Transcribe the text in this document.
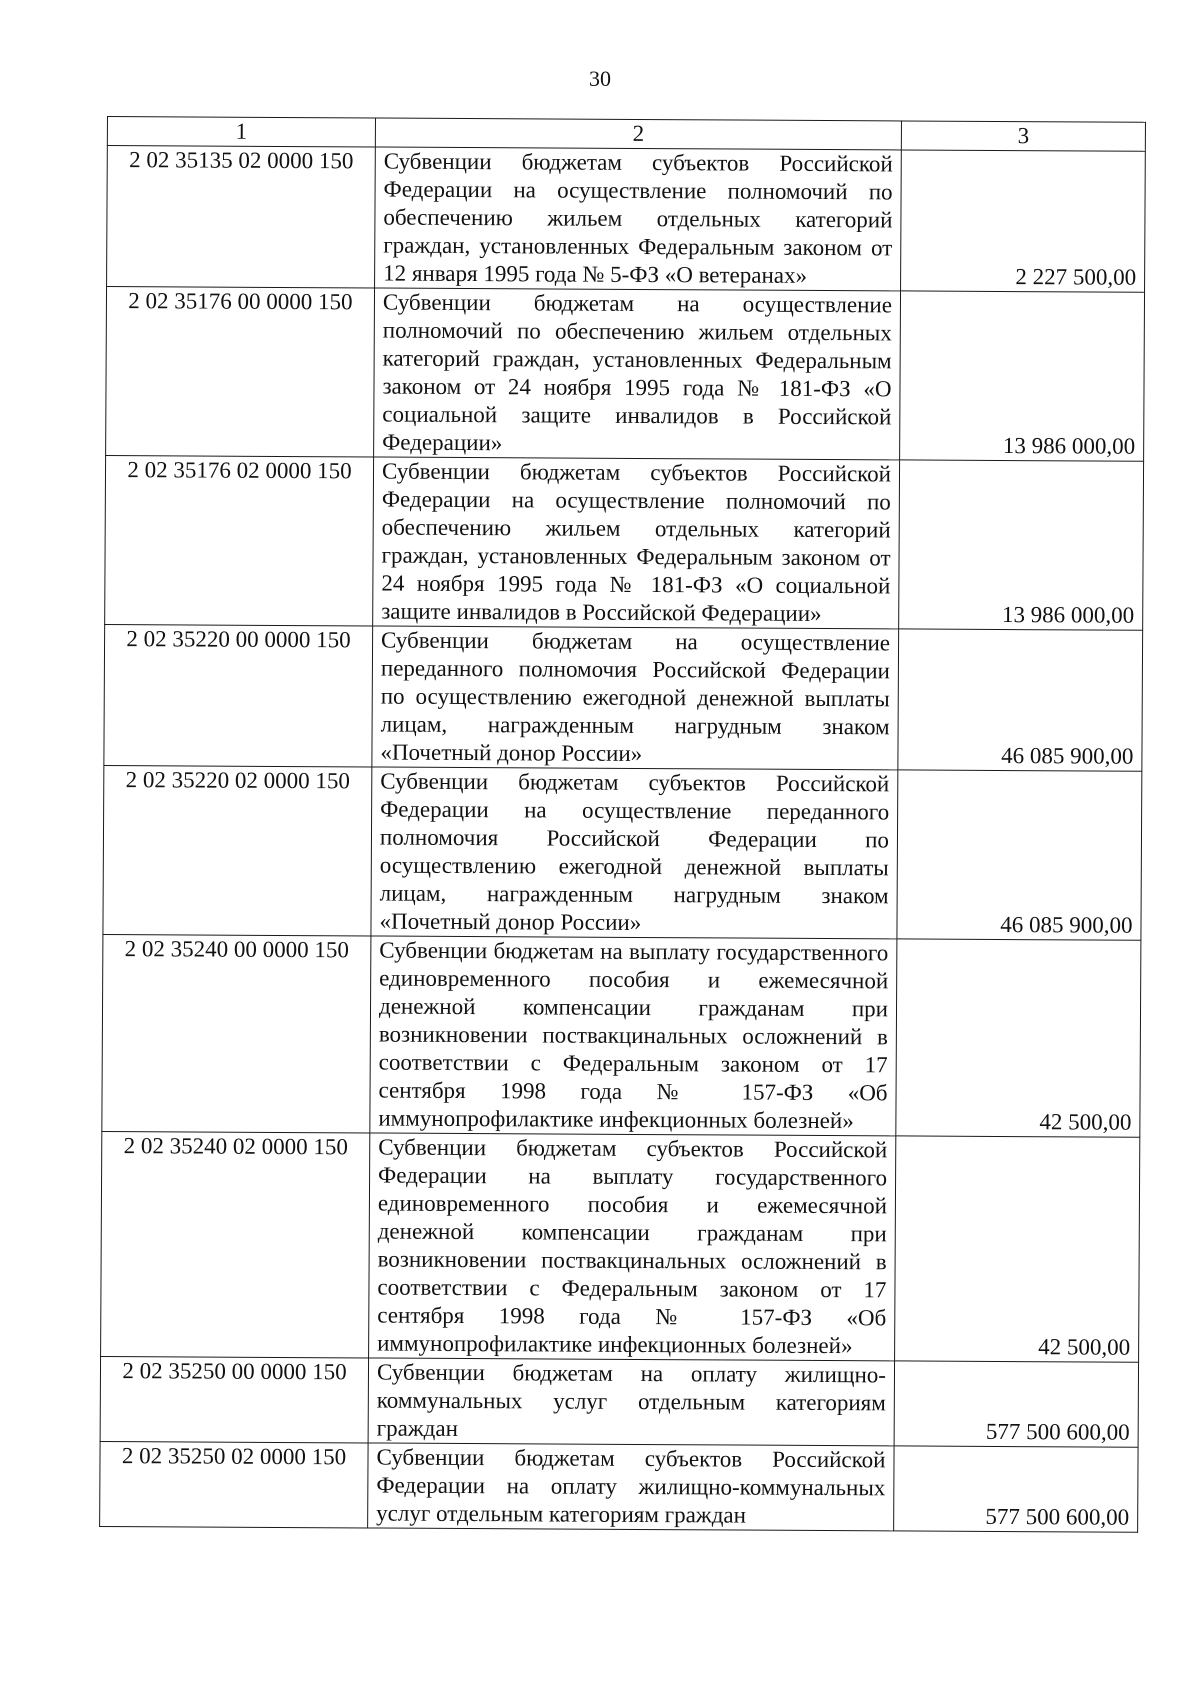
30
1	2	3
2 02 35135 02 0000 150	Субвенции бюджетам субъектов Российской Федерации на осуществление полномочий по обеспечению жильем отдельных категорий граждан, установленных Федеральным законом от 12 января 1995 года № 5-ФЗ «О ветеранах»	2 227 500,00
2 02 35176 00 0000 150	Субвенции бюджетам на осуществление полномочий по обеспечению жильем отдельных категорий граждан, установленных Федеральным законом от 24 ноября 1995 года № 181-ФЗ «О социальной защите инвалидов в Российской Федерации»	13 986 000,00
2 02 35176 02 0000 150	Субвенции бюджетам субъектов Российской Федерации на осуществление полномочий по обеспечению жильем отдельных категорий граждан, установленных Федеральным законом от 24 ноября 1995 года № 181-ФЗ «О социальной защите инвалидов в Российской Федерации»	13 986 000,00
2 02 35220 00 0000 150	Субвенции бюджетам на осуществление переданного полномочия Российской Федерации по осуществлению ежегодной денежной выплаты лицам, награжденным нагрудным знаком «Почетный донор России»	46 085 900,00
2 02 35220 02 0000 150	Субвенции бюджетам субъектов Российской Федерации на осуществление переданного полномочия Российской Федерации по осуществлению ежегодной денежной выплаты лицам, награжденным нагрудным знаком «Почетный донор России»	46 085 900,00
2 02 35240 00 0000 150	Субвенции бюджетам на выплату государственного единовременного пособия и ежемесячной денежной компенсации гражданам при возникновении поствакцинальных осложнений в соответствии с Федеральным законом от 17 сентября 1998 года № 157-ФЗ «Об иммунопрофилактике инфекционных болезней»	42 500,00
2 02 35240 02 0000 150	Субвенции бюджетам субъектов Российской Федерации на выплату государственного единовременного пособия и ежемесячной денежной компенсации гражданам при возникновении поствакцинальных осложнений в соответствии с Федеральным законом от 17 сентября 1998 года № 157-ФЗ «Об иммунопрофилактике инфекционных болезней»	42 500,00
2 02 35250 00 0000 150	Субвенции бюджетам на оплату жилищно-коммунальных услуг отдельным категориям граждан	577 500 600,00
2 02 35250 02 0000 150	Субвенции бюджетам субъектов Российской Федерации на оплату жилищно-коммунальных услуг отдельным категориям граждан	577 500 600,00
